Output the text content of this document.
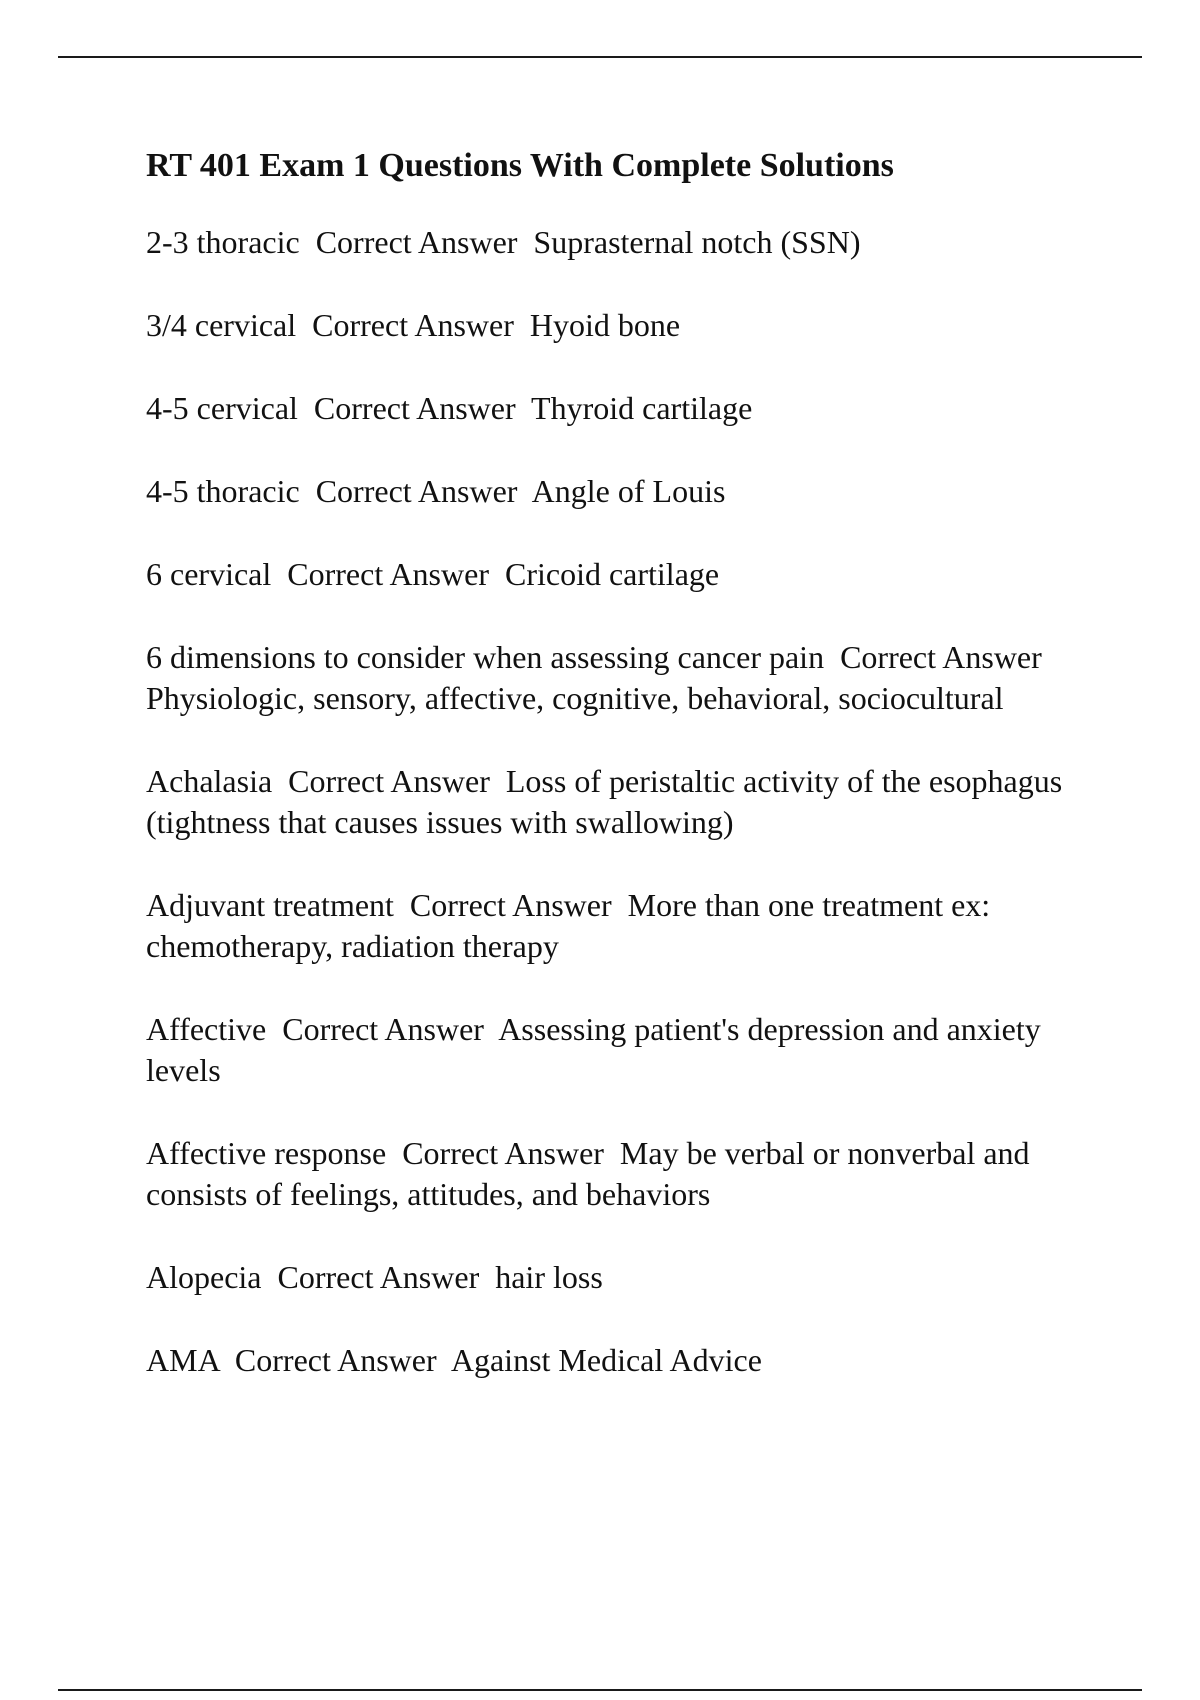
RT 401 Exam 1 Questions With Complete Solutions

2-3 thoracic  Correct Answer  Suprasternal notch (SSN)

3/4 cervical  Correct Answer  Hyoid bone

4-5 cervical  Correct Answer  Thyroid cartilage

4-5 thoracic  Correct Answer  Angle of Louis

6 cervical  Correct Answer  Cricoid cartilage

6 dimensions to consider when assessing cancer pain  Correct Answer  Physiologic, sensory, affective, cognitive, behavioral, sociocultural

Achalasia  Correct Answer  Loss of peristaltic activity of the esophagus (tightness that causes issues with swallowing)

Adjuvant treatment  Correct Answer  More than one treatment ex: chemotherapy, radiation therapy

Affective  Correct Answer  Assessing patient's depression and anxiety levels

Affective response  Correct Answer  May be verbal or nonverbal and consists of feelings, attitudes, and behaviors

Alopecia  Correct Answer  hair loss

AMA  Correct Answer  Against Medical Advice
